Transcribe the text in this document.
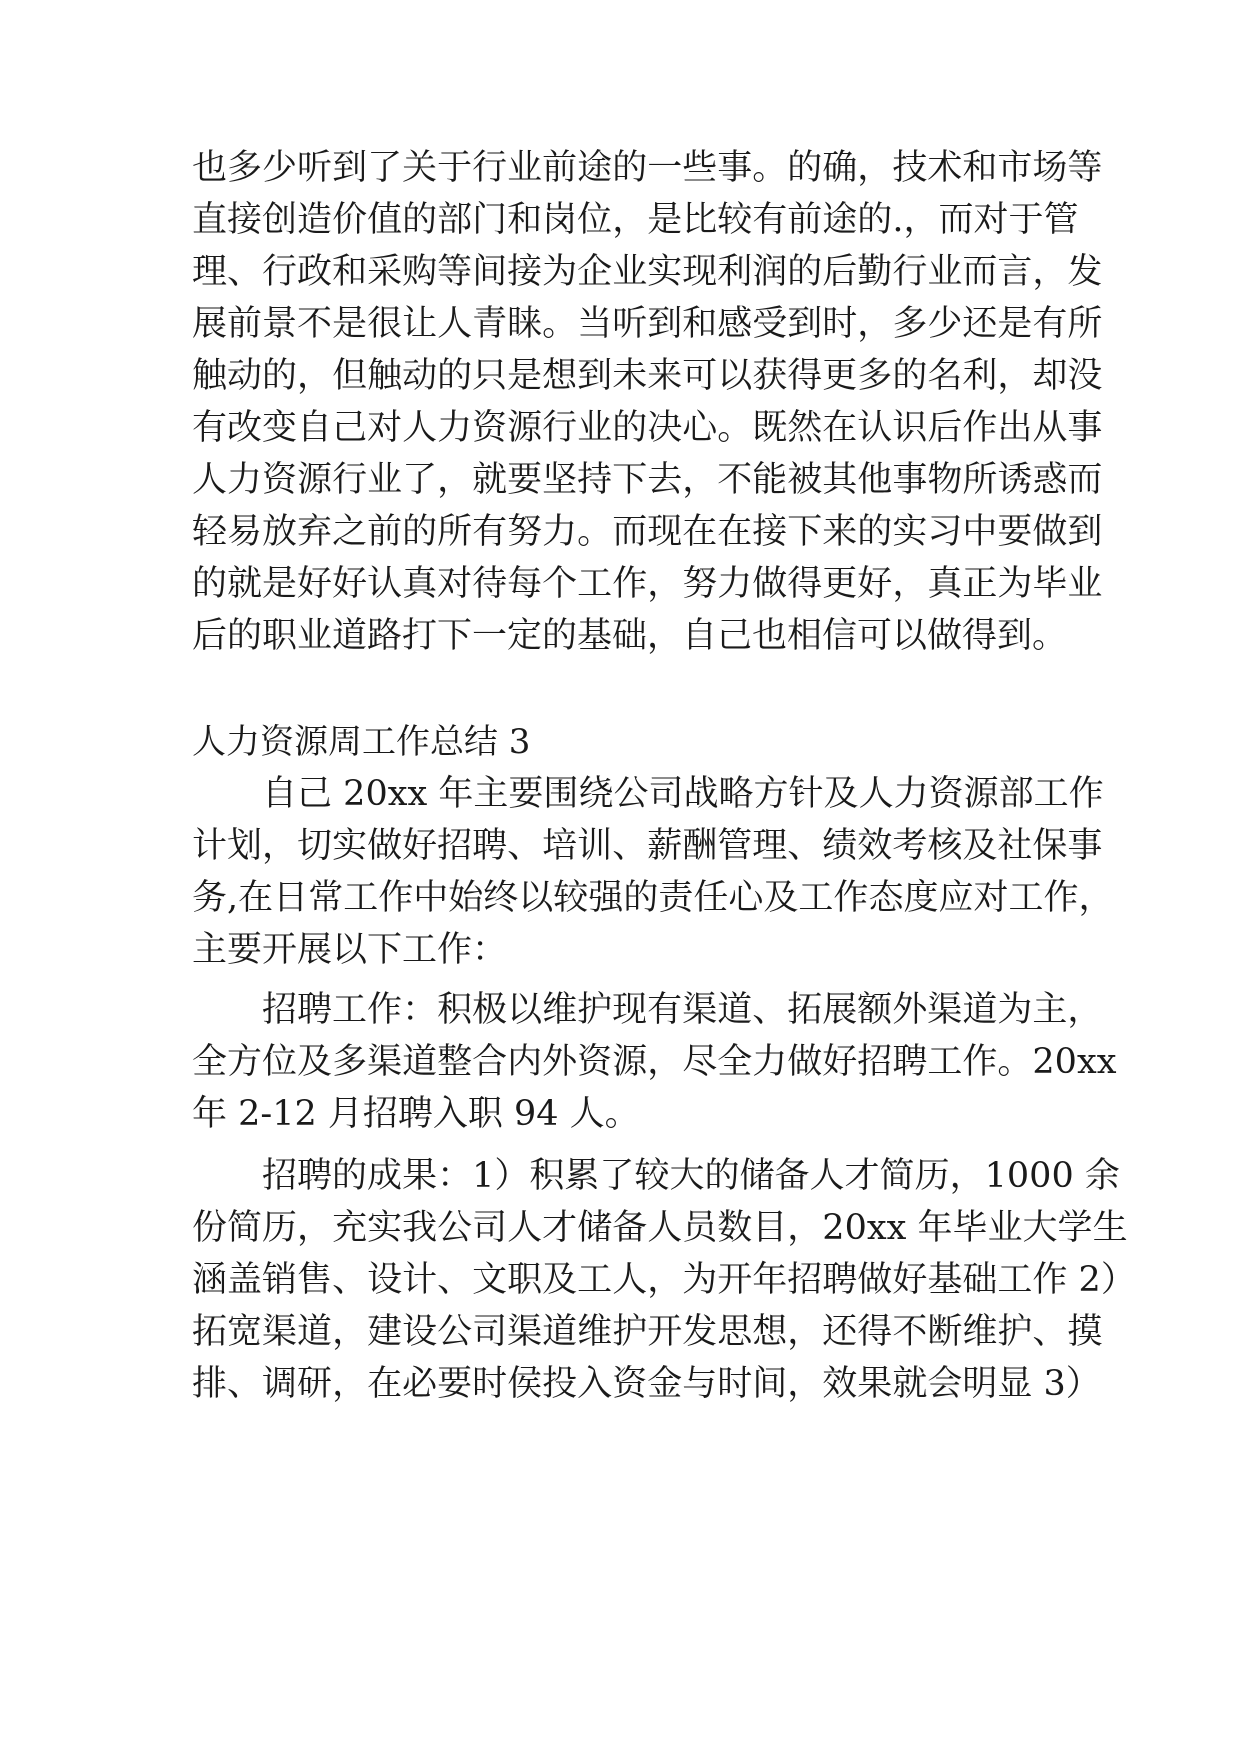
也 多 少 听 到 了 关 于 行 业 前 途 的 一 些 事 。 的 确 ， 技 术 和 市 场 等
直 接 创 造 价 值 的 部 门 和 岗 位 ， 是 比 较 有 前 途 的 . ， 而 对 于 管
理 、 行 政 和 采 购 等 间 接 为 企 业 实 现 利 润 的 后 勤 行 业 而 言 ， 发
展 前 景 不 是 很 让 人 青 睐 。 当 听 到 和 感 受 到 时 ， 多 少 还 是 有 所
触 动 的 ， 但 触 动 的 只 是 想 到 未 来 可 以 获 得 更 多 的 名 利 ， 却 没
有 改 变 自 己 对 人 力 资 源 行 业 的 决 心 。 既 然 在 认 识 后 作 出 从 事
人 力 资 源 行 业 了 ， 就 要 坚 持 下 去 ， 不 能 被 其 他 事 物 所 诱 惑 而
轻 易 放 弃 之 前 的 所 有 努 力 。 而 现 在 在 接 下 来 的 实 习 中 要 做 到
的 就 是 好 好 认 真 对 待 每 个 工 作 ， 努 力 做 得 更 好 ， 真 正 为 毕 业
后的职业道路打下一定的基础，自己也相信可以做得到。
人力资源周工作总结 3
自 己
2 0 x x
年 主 要 围 绕 公 司 战 略 方 针 及 人 力 资 源 部 工 作
计 划 ， 切 实 做 好 招 聘 、 培 训 、 薪 酬 管 理 、 绩 效 考 核 及 社 保 事
务 , 在 日 常 工 作 中 始 终 以 较 强 的 责 任 心 及 工 作 态 度 应 对 工 作 ，
主要开展以下工作：
招 聘 工 作 ： 积 极 以 维 护 现 有 渠 道 、 拓 展 额 外 渠 道 为 主 ，
全 方 位 及 多 渠 道 整 合 内 外 资 源 ， 尽 全 力 做 好 招 聘 工 作 。 2 0 x x
年 2-12 月招聘入职 94 人。
招 聘 的 成 果 ： 1 ） 积 累 了 较 大 的 储 备 人 才 简 历 ， 1 0 0 0
余
份 简 历 ， 充 实 我 公 司 人 才 储 备 人 员 数 目 ， 2 0 x x
年 毕 业 大 学 生
涵 盖 销 售 、 设 计 、 文 职 及 工 人 ， 为 开 年 招 聘 做 好 基 础 工 作
2 ）
拓 宽 渠 道 ， 建 设 公 司 渠 道 维 护 开 发 思 想 ， 还 得 不 断 维 护 、 摸
排 、 调 研 ， 在 必 要 时 侯 投 入 资 金 与 时 间 ， 效 果 就 会 明 显
3 ）
